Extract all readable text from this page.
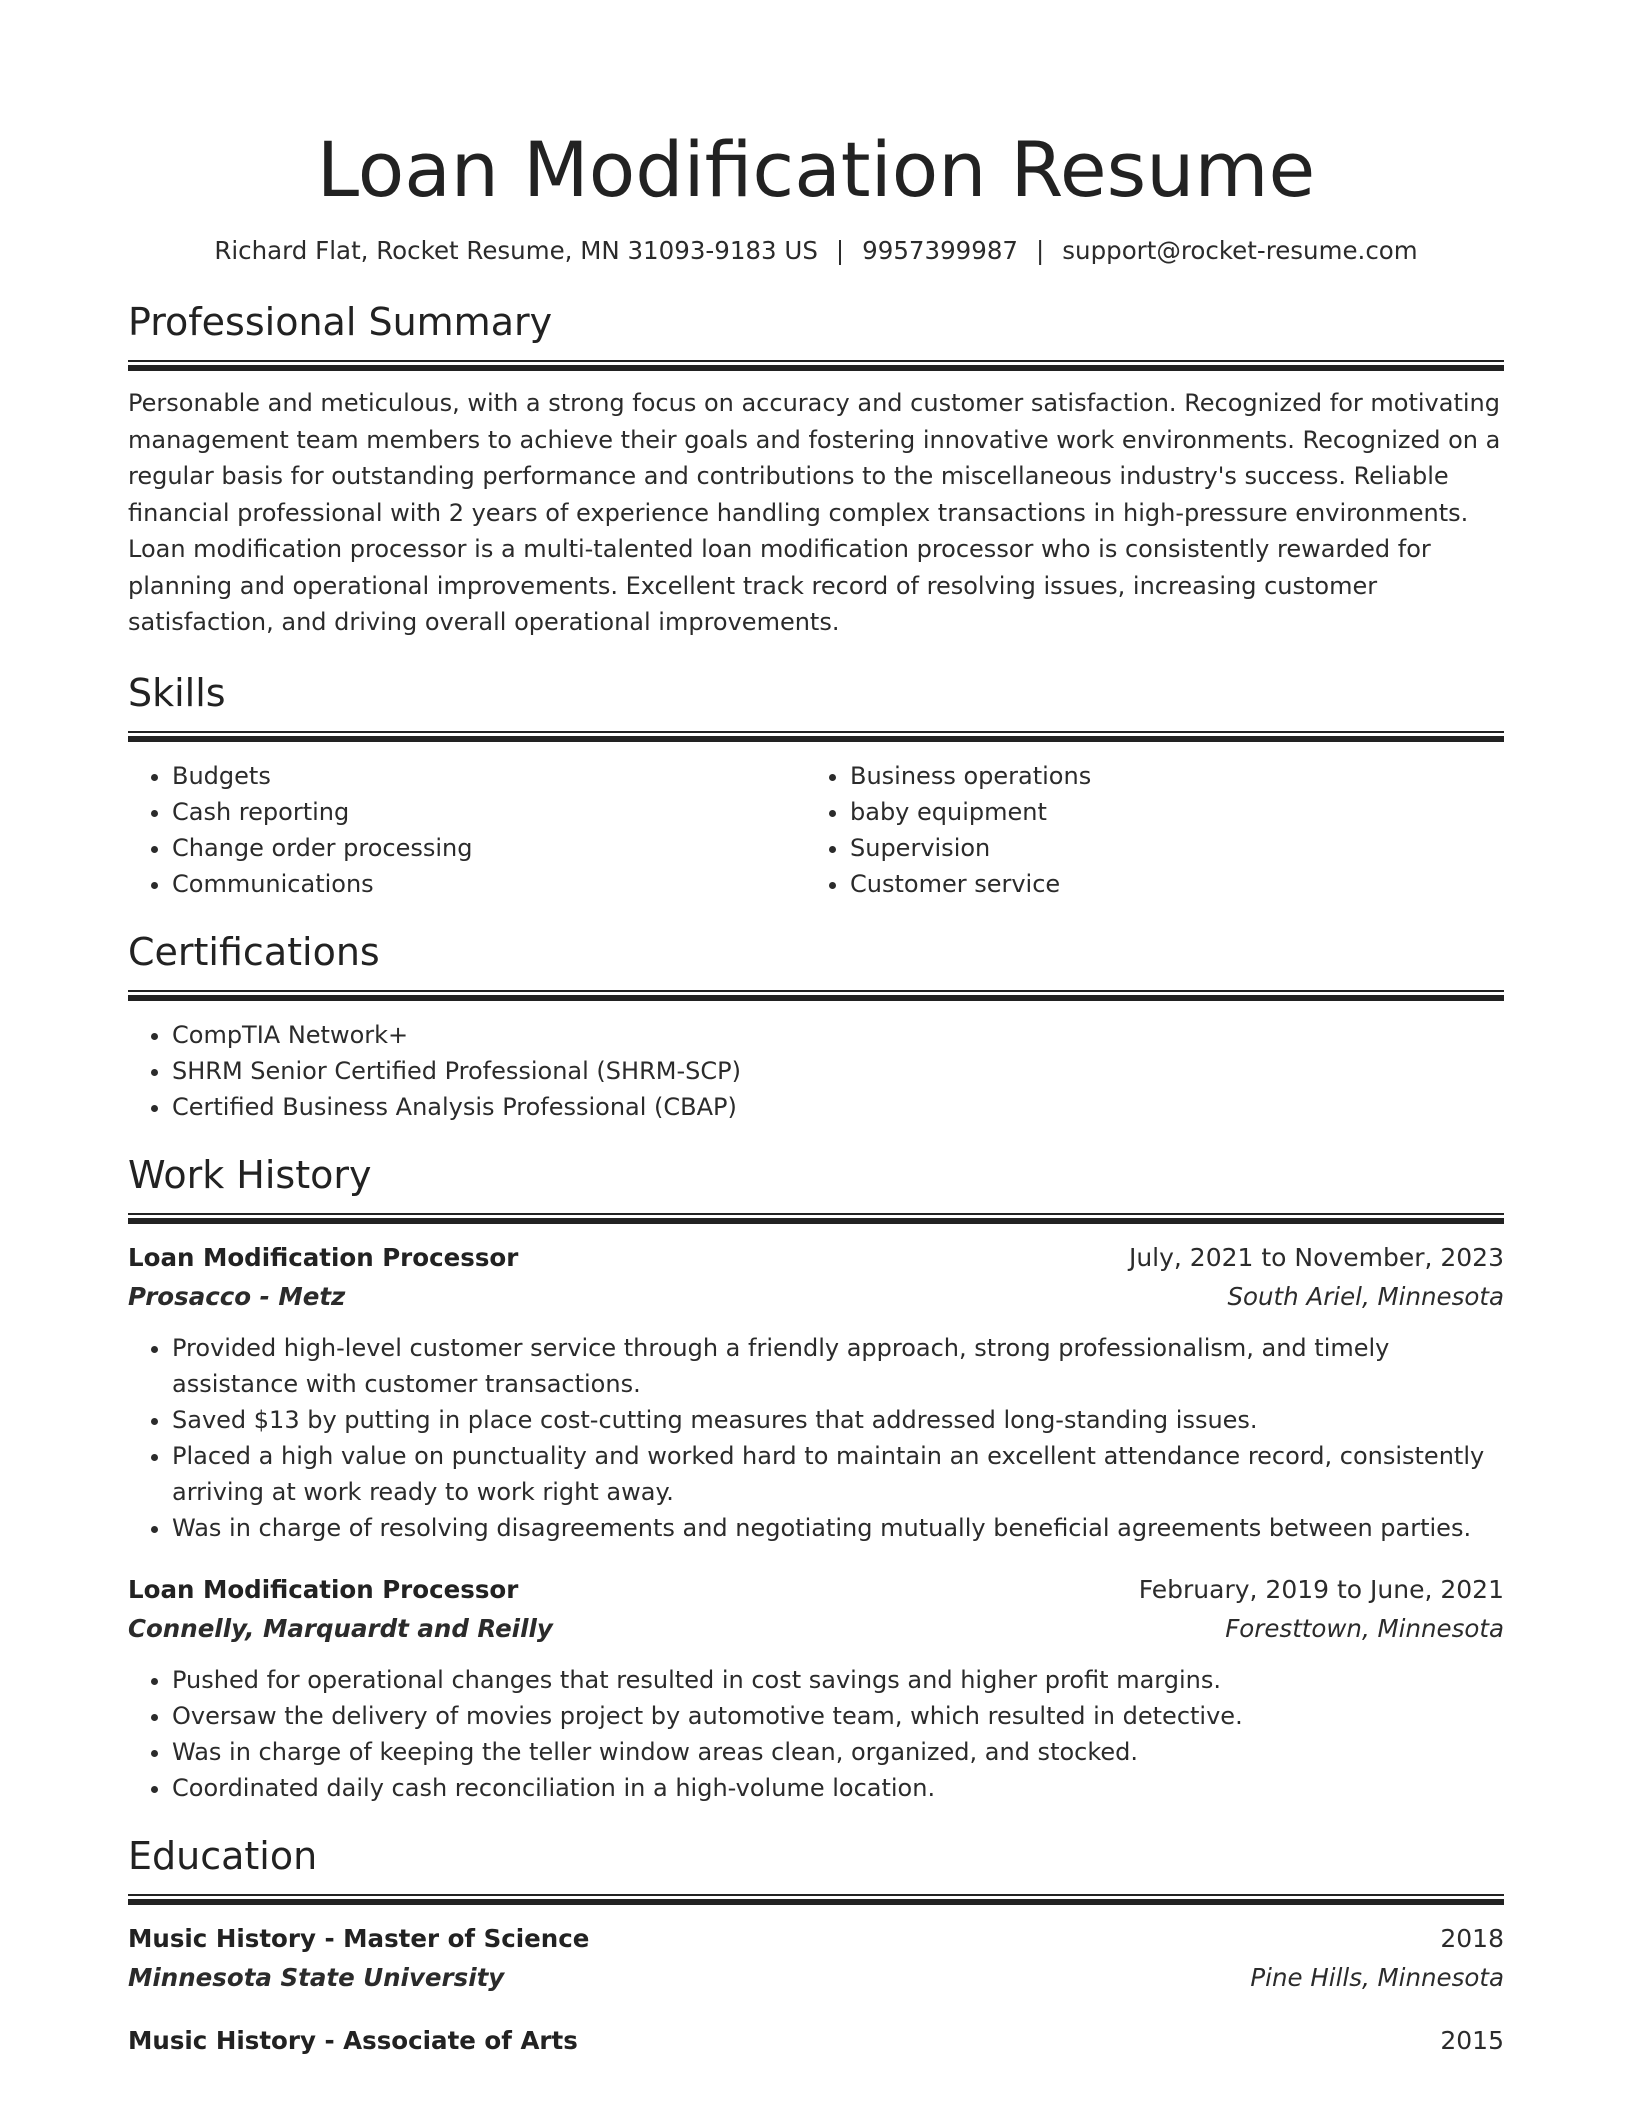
Loan Modification Resume
Richard Flat, Rocket Resume, MN 31093-9183 US | 9957399987 | support@rocket-resume.com
Professional Summary

Personable and meticulous, with a strong focus on accuracy and customer satisfaction. Recognized for motivating management team members to achieve their goals and fostering innovative work environments. Recognized on a regular basis for outstanding performance and contributions to the miscellaneous industry's success. Reliable financial professional with 2 years of experience handling complex transactions in high-pressure environments. Loan modification processor is a multi-talented loan modification processor who is consistently rewarded for planning and operational improvements. Excellent track record of resolving issues, increasing customer satisfaction, and driving overall operational improvements.

Skills
• Budgets
• Cash reporting
• Change order processing
• Communications
• Business operations
• baby equipment
• Supervision
• Customer service
Certifications
• CompTIA Network+
• SHRM Senior Certified Professional (SHRM-SCP)
• Certified Business Analysis Professional (CBAP)
Work History
Loan Modification Processor	July, 2021 to November, 2023
Prosacco - Metz	South Ariel, Minnesota
• Provided high-level customer service through a friendly approach, strong professionalism, and timely assistance with customer transactions.
• Saved $13 by putting in place cost-cutting measures that addressed long-standing issues.
• Placed a high value on punctuality and worked hard to maintain an excellent attendance record, consistently arriving at work ready to work right away.
• Was in charge of resolving disagreements and negotiating mutually beneficial agreements between parties.
Loan Modification Processor	February, 2019 to June, 2021
Connelly, Marquardt and Reilly	Foresttown, Minnesota
• Pushed for operational changes that resulted in cost savings and higher profit margins.
• Oversaw the delivery of movies project by automotive team, which resulted in detective.
• Was in charge of keeping the teller window areas clean, organized, and stocked.
• Coordinated daily cash reconciliation in a high-volume location.
Education
Music History - Master of Science	2018
Minnesota State University	Pine Hills, Minnesota
Music History - Associate of Arts	2015
